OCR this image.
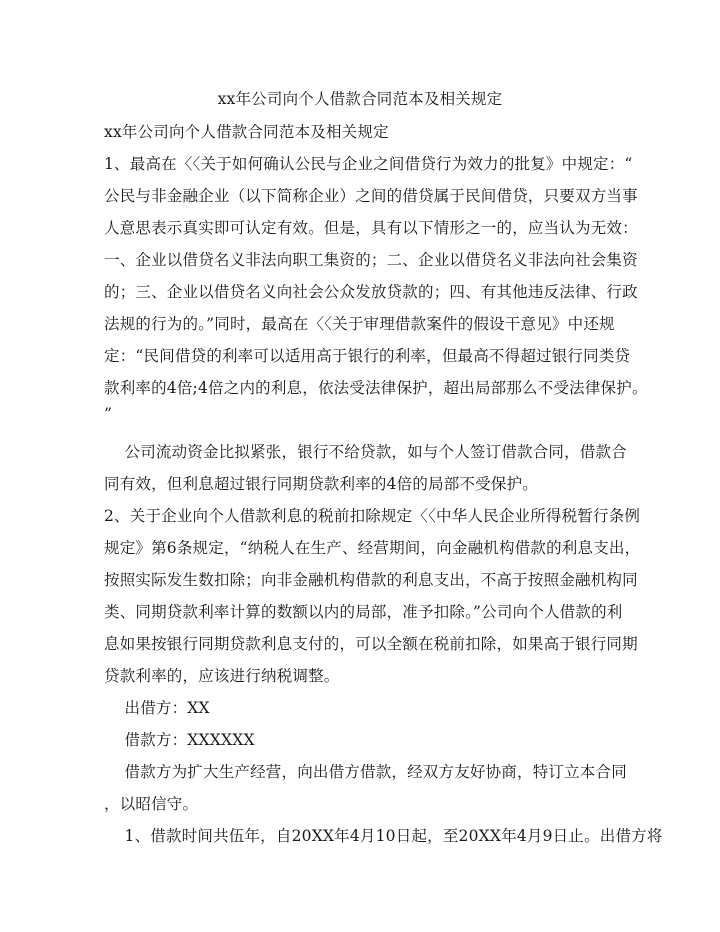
xx年公司向个人借款合同范本及相关规定
xx年公司向个人借款合同范本及相关规定
1、最高在〈〈关于如何确认公民与企业之间借贷行为效力的批复》中规定：“
公民与非金融企业（以下简称企业）之间的借贷属于民间借贷，只要双方当事
人意思表示真实即可认定有效。但是，具有以下情形之一的，应当认为无效：
一、企业以借贷名义非法向职工集资的；二、企业以借贷名义非法向社会集资
的；三、企业以借贷名义向社会公众发放贷款的；四、有其他违反法律、行政
法规的行为的。”同时，最高在〈〈关于审理借款案件的假设干意见》中还规
定：“民间借贷的利率可以适用高于银行的利率，但最高不得超过银行同类贷
款利率的4倍;4倍之内的利息，依法受法律保护，超出局部那么不受法律保护。
”
公司流动资金比拟紧张，银行不给贷款，如与个人签订借款合同，借款合
同有效，但利息超过银行同期贷款利率的4倍的局部不受保护。
2、关于企业向个人借款利息的税前扣除规定〈〈中华人民企业所得税暂行条例
规定》第6条规定，“纳税人在生产、经营期间，向金融机构借款的利息支出，
按照实际发生数扣除；向非金融机构借款的利息支出，不高于按照金融机构同
类、同期贷款利率计算的数额以内的局部，准予扣除。”公司向个人借款的利
息如果按银行同期贷款利息支付的，可以全额在税前扣除，如果高于银行同期
贷款利率的，应该进行纳税调整。
出借方：XX
借款方：XXXXXX
借款方为扩大生产经营，向出借方借款，经双方友好协商，特订立本合同
，以昭信守。
1、借款时间共伍年，自20XX年4月10日起，至20XX年4月9日止。出借方将
